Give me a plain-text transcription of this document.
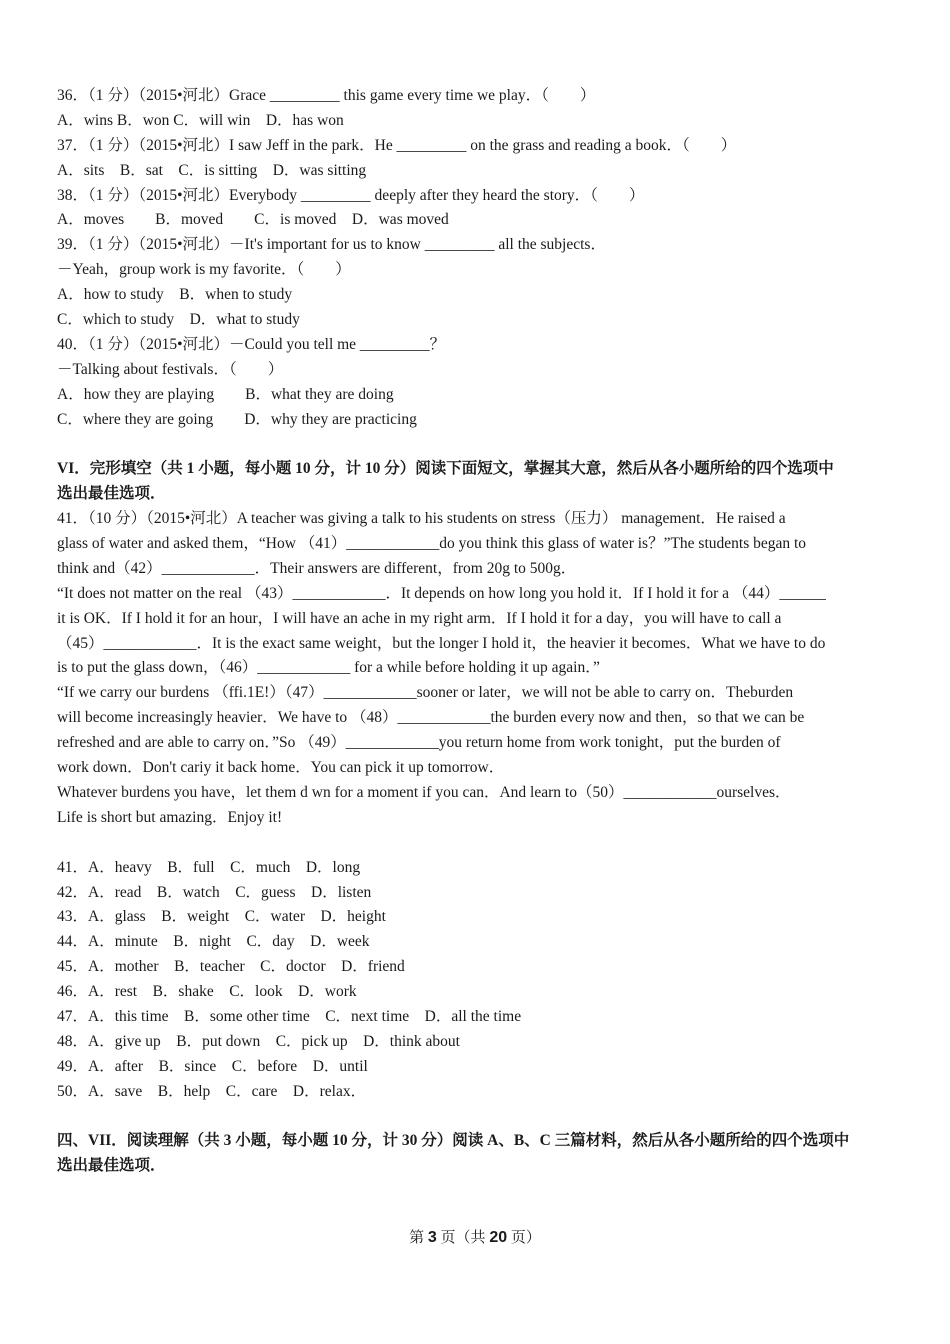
36．（1 分）（2015•河北）Grace _________ this game every time we play．（　　）
A．wins B．won C．will win　D．has won
37．（1 分）（2015•河北）I saw Jeff in the park．He _________ on the grass and reading a book．（　　）
A．sits　B．sat　C．is sitting　D．was sitting
38．（1 分）（2015•河北）Everybody _________ deeply after they heard the story．（　　）
A．moves　　B．moved　　C．is moved　D．was moved
39．（1 分）（2015•河北）－It's important for us to know _________ all the subjects．
－Yeah，group work is my favorite．（　　）
A．how to study　B．when to study
C．which to study　D．what to study
40．（1 分）（2015•河北）－Could you tell me _________？
－Talking about festivals．（　　）
A．how they are playing　　B．what they are doing
C．where they are going　　D．why they are practicing
VI．完形填空（共 1 小题，每小题 10 分，计 10 分）阅读下面短文，掌握其大意，然后从各小题所给的四个选项中
选出最佳选项．
41．（10 分）（2015•河北）A teacher was giving a talk to his students on stress（压力） management．He raised a
glass of water and asked them，“How （41）____________do you think this glass of water is？”The students began to
think and（42）____________．Their answers are different，from 20g to 500g．
“It does not matter on the real （43）____________．It depends on how long you hold it．If I hold it for a （44）______
it is OK．If I hold it for an hour，I will have an ache in my right arm．If I hold it for a day，you will have to call a
（45）____________．It is the exact same weight，but the longer I hold it，the heavier it becomes．What we have to do
is to put the glass down，（46）____________ for a while before holding it up again．”
“If we carry our burdens （ffi.1E!）（47）____________sooner or later，we will not be able to carry on．Theburden
will become increasingly heavier．We have to （48）____________the burden every now and then，so that we can be
refreshed and are able to carry on．”So （49）____________you return home from work tonight，put the burden of
work down．Don't cariy it back home．You can pick it up tomorrow．
Whatever burdens you have，let them d wn for a moment if you can．And learn to（50）____________ourselves．
Life is short but amazing．Enjoy it!
41．A．heavy　B．full　C．much　D．long
42．A．read　B．watch　C．guess　D．listen
43．A．glass　B．weight　C．water　D．height
44．A．minute　B．night　C．day　D．week
45．A．mother　B．teacher　C．doctor　D．friend
46．A．rest　B．shake　C．look　D．work
47．A．this time　B．some other time　C．next time　D．all the time
48．A．give up　B．put down　C．pick up　D．think about
49．A．after　B．since　C．before　D．until
50．A．save　B．help　C．care　D．relax．
四、VII．阅读理解（共 3 小题，每小题 10 分，计 30 分）阅读 A、B、C 三篇材料，然后从各小题所给的四个选项中
选出最佳选项．
第 3 页（共 20 页）
